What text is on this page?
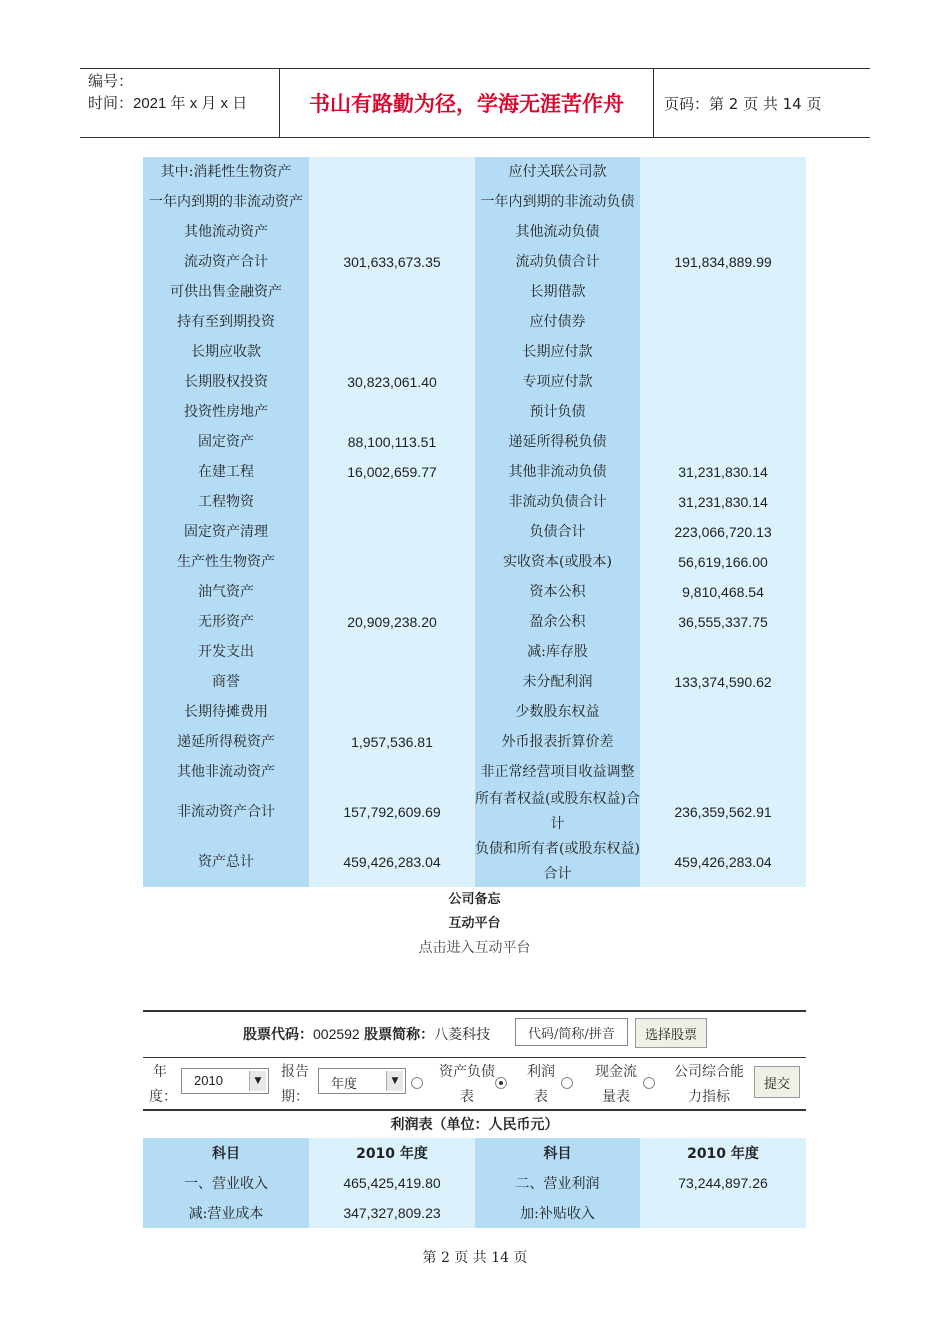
编号：
时间：2021 年 x 月 x 日	书山有路勤为径，学海无涯苦作舟	页码：第 2 页 共 14 页
其中:消耗性生物资产		应付关联公司款	
一年内到期的非流动资产		一年内到期的非流动负债	
其他流动资产		其他流动负债	
流动资产合计	301,633,673.35	流动负债合计	191,834,889.99
可供出售金融资产		长期借款	
持有至到期投资		应付债券	
长期应收款		长期应付款	
长期股权投资	30,823,061.40	专项应付款	
投资性房地产		预计负债	
固定资产	88,100,113.51	递延所得税负债	
在建工程	16,002,659.77	其他非流动负债	31,231,830.14
工程物资		非流动负债合计	31,231,830.14
固定资产清理		负债合计	223,066,720.13
生产性生物资产		实收资本(或股本)	56,619,166.00
油气资产		资本公积	9,810,468.54
无形资产	20,909,238.20	盈余公积	36,555,337.75
开发支出		减:库存股	
商誉		未分配利润	133,374,590.62
长期待摊费用		少数股东权益	
递延所得税资产	1,957,536.81	外币报表折算价差	
其他非流动资产		非正常经营项目收益调整	
非流动资产合计	157,792,609.69	所有者权益(或股东权益)合计	236,359,562.91
资产总计	459,426,283.04	负债和所有者(或股东权益)合计	459,426,283.04
公司备忘
互动平台
点击进入互动平台
股票代码：002592 股票简称：八菱科技	代码/简称/拼音	选择股票
年度：
2010	▼
报告期：
年度	▼
资产负债表
利润表
现金流量表
公司综合能力指标
提交
利润表（单位：人民币元）
科目	2010 年度	科目	2010 年度
一、营业收入	465,425,419.80	二、营业利润	73,244,897.26
减:营业成本	347,327,809.23	加:补贴收入	
第 2 页 共 14 页
